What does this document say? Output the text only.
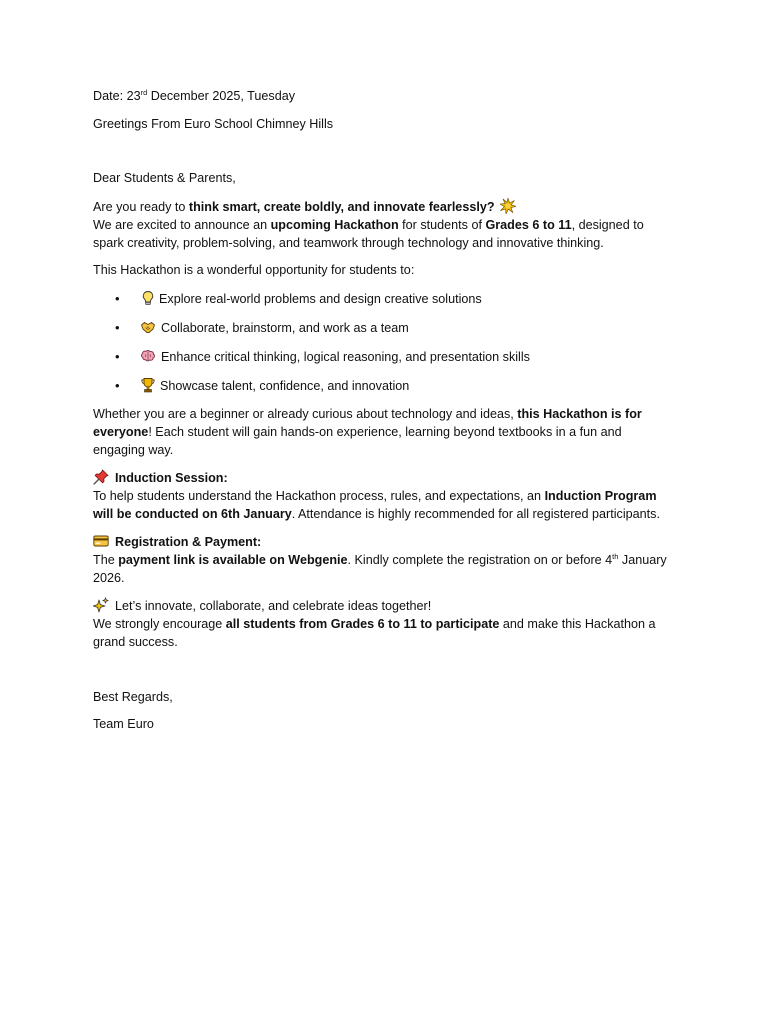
Date: 23rd December 2025, Tuesday

Greetings From Euro School Chimney Hills

Dear Students & Parents,

Are you ready to think smart, create boldly, and innovate fearlessly?
We are excited to announce an upcoming Hackathon for students of Grades 6 to 11, designed to
spark creativity, problem-solving, and teamwork through technology and innovative thinking.

This Hackathon is a wonderful opportunity for students to:

•	Explore real-world problems and design creative solutions
•	Collaborate, brainstorm, and work as a team
•	Enhance critical thinking, logical reasoning, and presentation skills
•	Showcase talent, confidence, and innovation

Whether you are a beginner or already curious about technology and ideas, this Hackathon is for
everyone! Each student will gain hands-on experience, learning beyond textbooks in a fun and
engaging way.

Induction Session:
To help students understand the Hackathon process, rules, and expectations, an Induction Program
will be conducted on 6th January. Attendance is highly recommended for all registered participants.

Registration & Payment:
The payment link is available on Webgenie. Kindly complete the registration on or before 4th January
2026.

Let’s innovate, collaborate, and celebrate ideas together!
We strongly encourage all students from Grades 6 to 11 to participate and make this Hackathon a
grand success.

Best Regards,

Team Euro
